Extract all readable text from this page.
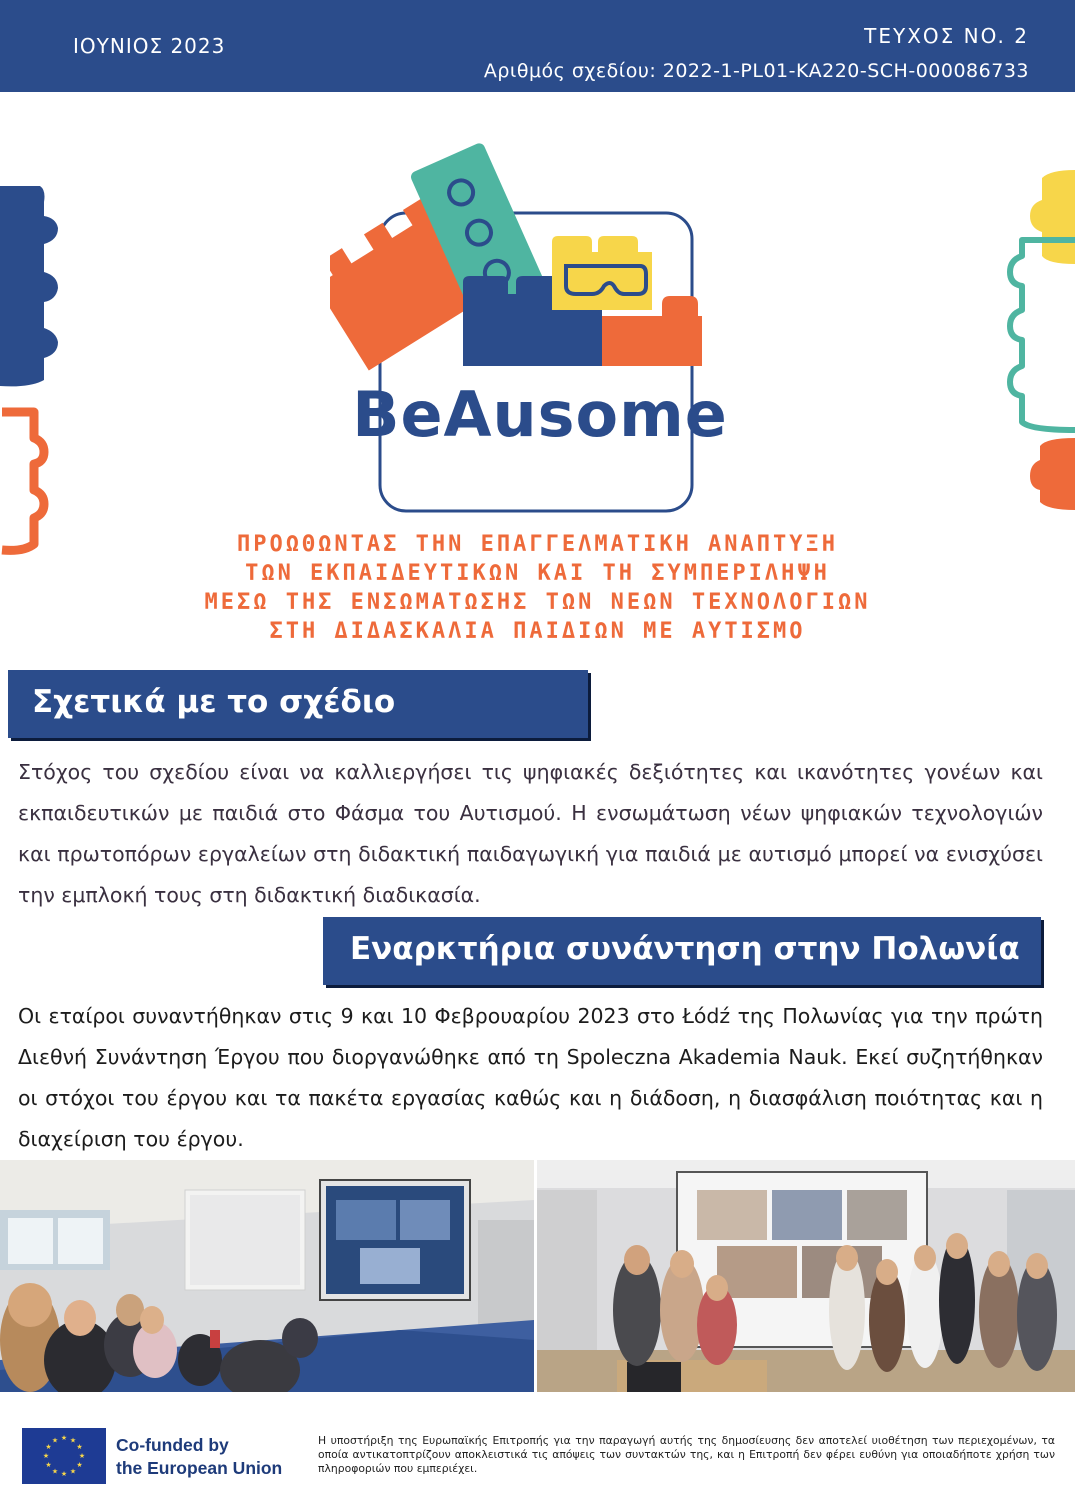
ΙΟΥΝΙΟΣ 2023	ΤΕΥΧΟΣ NO. 2
Αριθμός σχεδίου: 2022-1-PL01-KA220-SCH-000086733
BeAusome
ΠΡΟΩΘΩΝΤΑΣ ΤΗΝ ΕΠΑΓΓΕΛΜΑΤΙΚΗ ΑΝΑΠΤΥΞΗ
ΤΩΝ ΕΚΠΑΙΔΕΥΤΙΚΩΝ ΚΑΙ ΤΗ ΣΥΜΠΕΡΙΛΗΨΗ
ΜΕΣΩ ΤΗΣ ΕΝΣΩΜΑΤΩΣΗΣ ΤΩΝ ΝΕΩΝ ΤΕΧΝΟΛΟΓΙΩΝ
ΣΤΗ ΔΙΔΑΣΚΑΛΙΑ ΠΑΙΔΙΩΝ ΜΕ ΑΥΤΙΣΜΟ
Σχετικά με το σχέδιο
Στόχος του σχεδίου είναι να καλλιεργήσει τις ψηφιακές δεξιότητες και ικανότητες γονέων και εκπαιδευτικών με παιδιά στο Φάσμα του Αυτισμού. Η ενσωμάτωση νέων ψηφιακών τεχνολογιών και πρωτοπόρων εργαλείων στη διδακτική παιδαγωγική για παιδιά με αυτισμό μπορεί να ενισχύσει την εμπλοκή τους στη διδακτική διαδικασία.
Εναρκτήρια συνάντηση στην Πολωνία
Οι εταίροι συναντήθηκαν στις 9 και 10 Φεβρουαρίου 2023 στο Łódź της Πολωνίας για την πρώτη Διεθνή Συνάντηση Έργου που διοργανώθηκε από τη Spoleczna Akademia Nauk. Εκεί συζητήθηκαν οι στόχοι του έργου και τα πακέτα εργασίας καθώς και η διάδοση, η διασφάλιση ποιότητας και η διαχείριση του έργου.
★ ★
★
★
★
★
★
★
★
★
★
★	Co-funded by
the European Union
Η υποστήριξη της Ευρωπαϊκής Επιτροπής για την παραγωγή αυτής της δημοσίευσης δεν αποτελεί υιοθέτηση των περιεχομένων, τα οποία αντικατοπτρίζουν αποκλειστικά τις απόψεις των συντακτών της, και η Επιτροπή δεν φέρει ευθύνη για οποιαδήποτε χρήση των πληροφοριών που εμπεριέχει.
